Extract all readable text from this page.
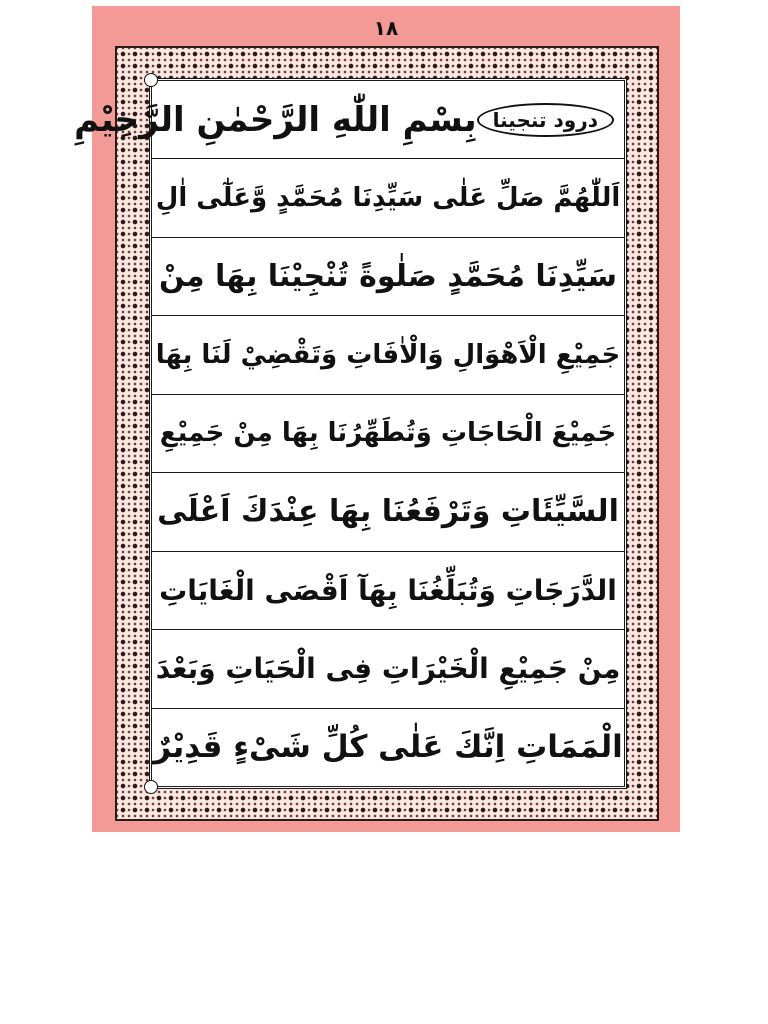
۱۸
درود تنجینا
بِسْمِ اللّٰهِ الرَّحْمٰنِ الرَّحِيْمِ
اَللّٰهُمَّ صَلِّ عَلٰى سَيِّدِنَا مُحَمَّدٍ وَّعَلٰٓى اٰلِ
سَيِّدِنَا مُحَمَّدٍ صَلٰوةً تُنْجِيْنَا بِهَا مِنْ
جَمِيْعِ الْاَهْوَالِ وَالْاٰفَاتِ وَتَقْضِيْ لَنَا بِهَا
جَمِيْعَ الْحَاجَاتِ وَتُطَهِّرُنَا بِهَا مِنْ جَمِيْعِ
السَّيِّئَاتِ وَتَرْفَعُنَا بِهَا عِنْدَكَ اَعْلَى
الدَّرَجَاتِ وَتُبَلِّغُنَا بِهَآ اَقْصَى الْغَايَاتِ
مِنْ جَمِيْعِ الْخَيْرَاتِ فِى الْحَيَاتِ وَبَعْدَ
الْمَمَاتِ اِنَّكَ عَلٰى كُلِّ شَىْءٍ قَدِيْرٌ
